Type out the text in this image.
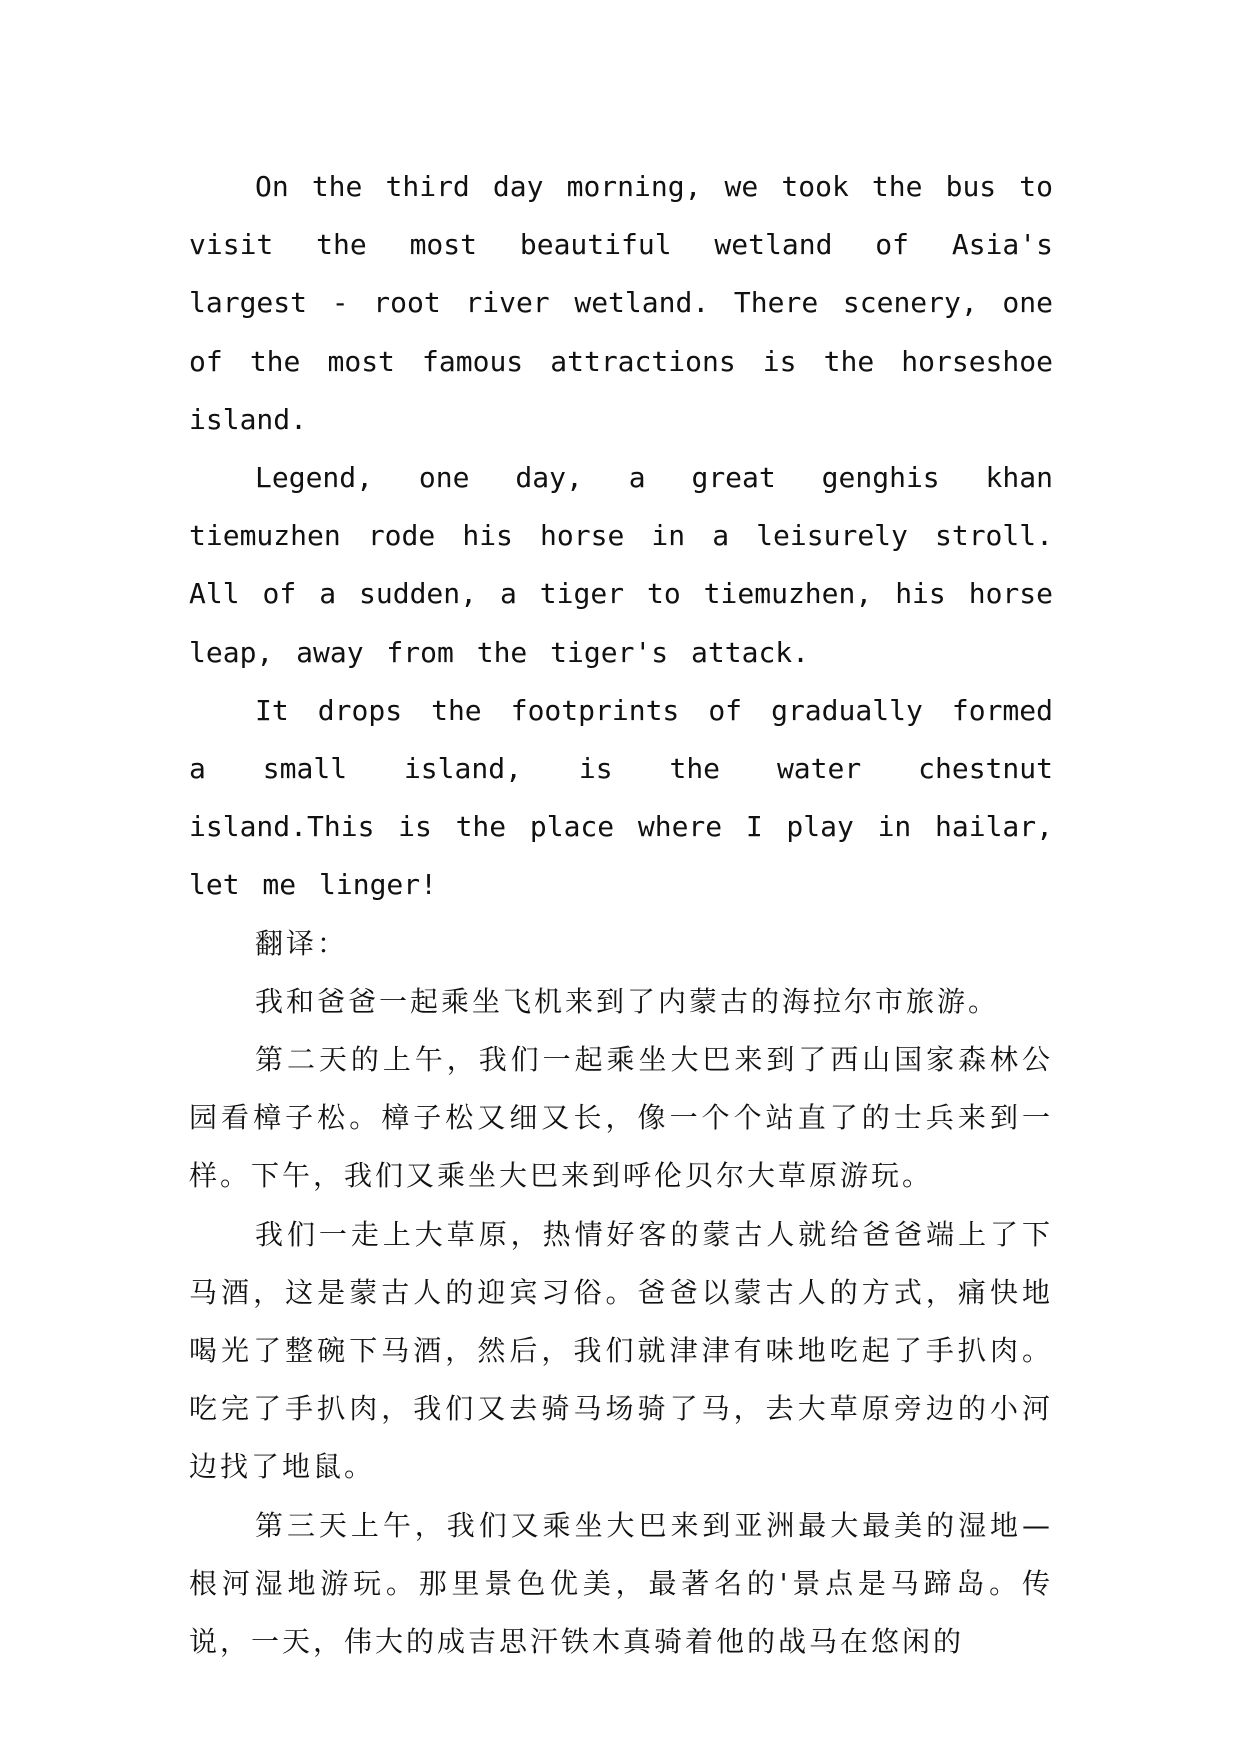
On the third day morning, we took the bus to visit the most beautiful wetland of Asia's largest - root river wetland. There scenery, one of the most famous attractions is the horseshoe island.

Legend, one day, a great genghis khan tiemuzhen rode his horse in a leisurely stroll. All of a sudden, a tiger to tiemuzhen, his horse leap, away from the tiger's attack.

It drops the footprints of gradually formed a small island, is the water chestnut island.This is the place where I play in hailar, let me linger!

翻译：

我和爸爸一起乘坐飞机来到了内蒙古的海拉尔市旅游。

第二天的上午，我们一起乘坐大巴来到了西山国家森林公园看樟子松。樟子松又细又长，像一个个站直了的士兵来到一样。下午，我们又乘坐大巴来到呼伦贝尔大草原游玩。

我们一走上大草原，热情好客的蒙古人就给爸爸端上了下马酒，这是蒙古人的迎宾习俗。爸爸以蒙古人的方式，痛快地喝光了整碗下马酒，然后，我们就津津有味地吃起了手扒肉。吃完了手扒肉，我们又去骑马场骑了马，去大草原旁边的小河边找了地鼠。

第三天上午，我们又乘坐大巴来到亚洲最大最美的湿地—根河湿地游玩。那里景色优美，最著名的'景点是马蹄岛。传说，一天，伟大的成吉思汗铁木真骑着他的战马在悠闲的
